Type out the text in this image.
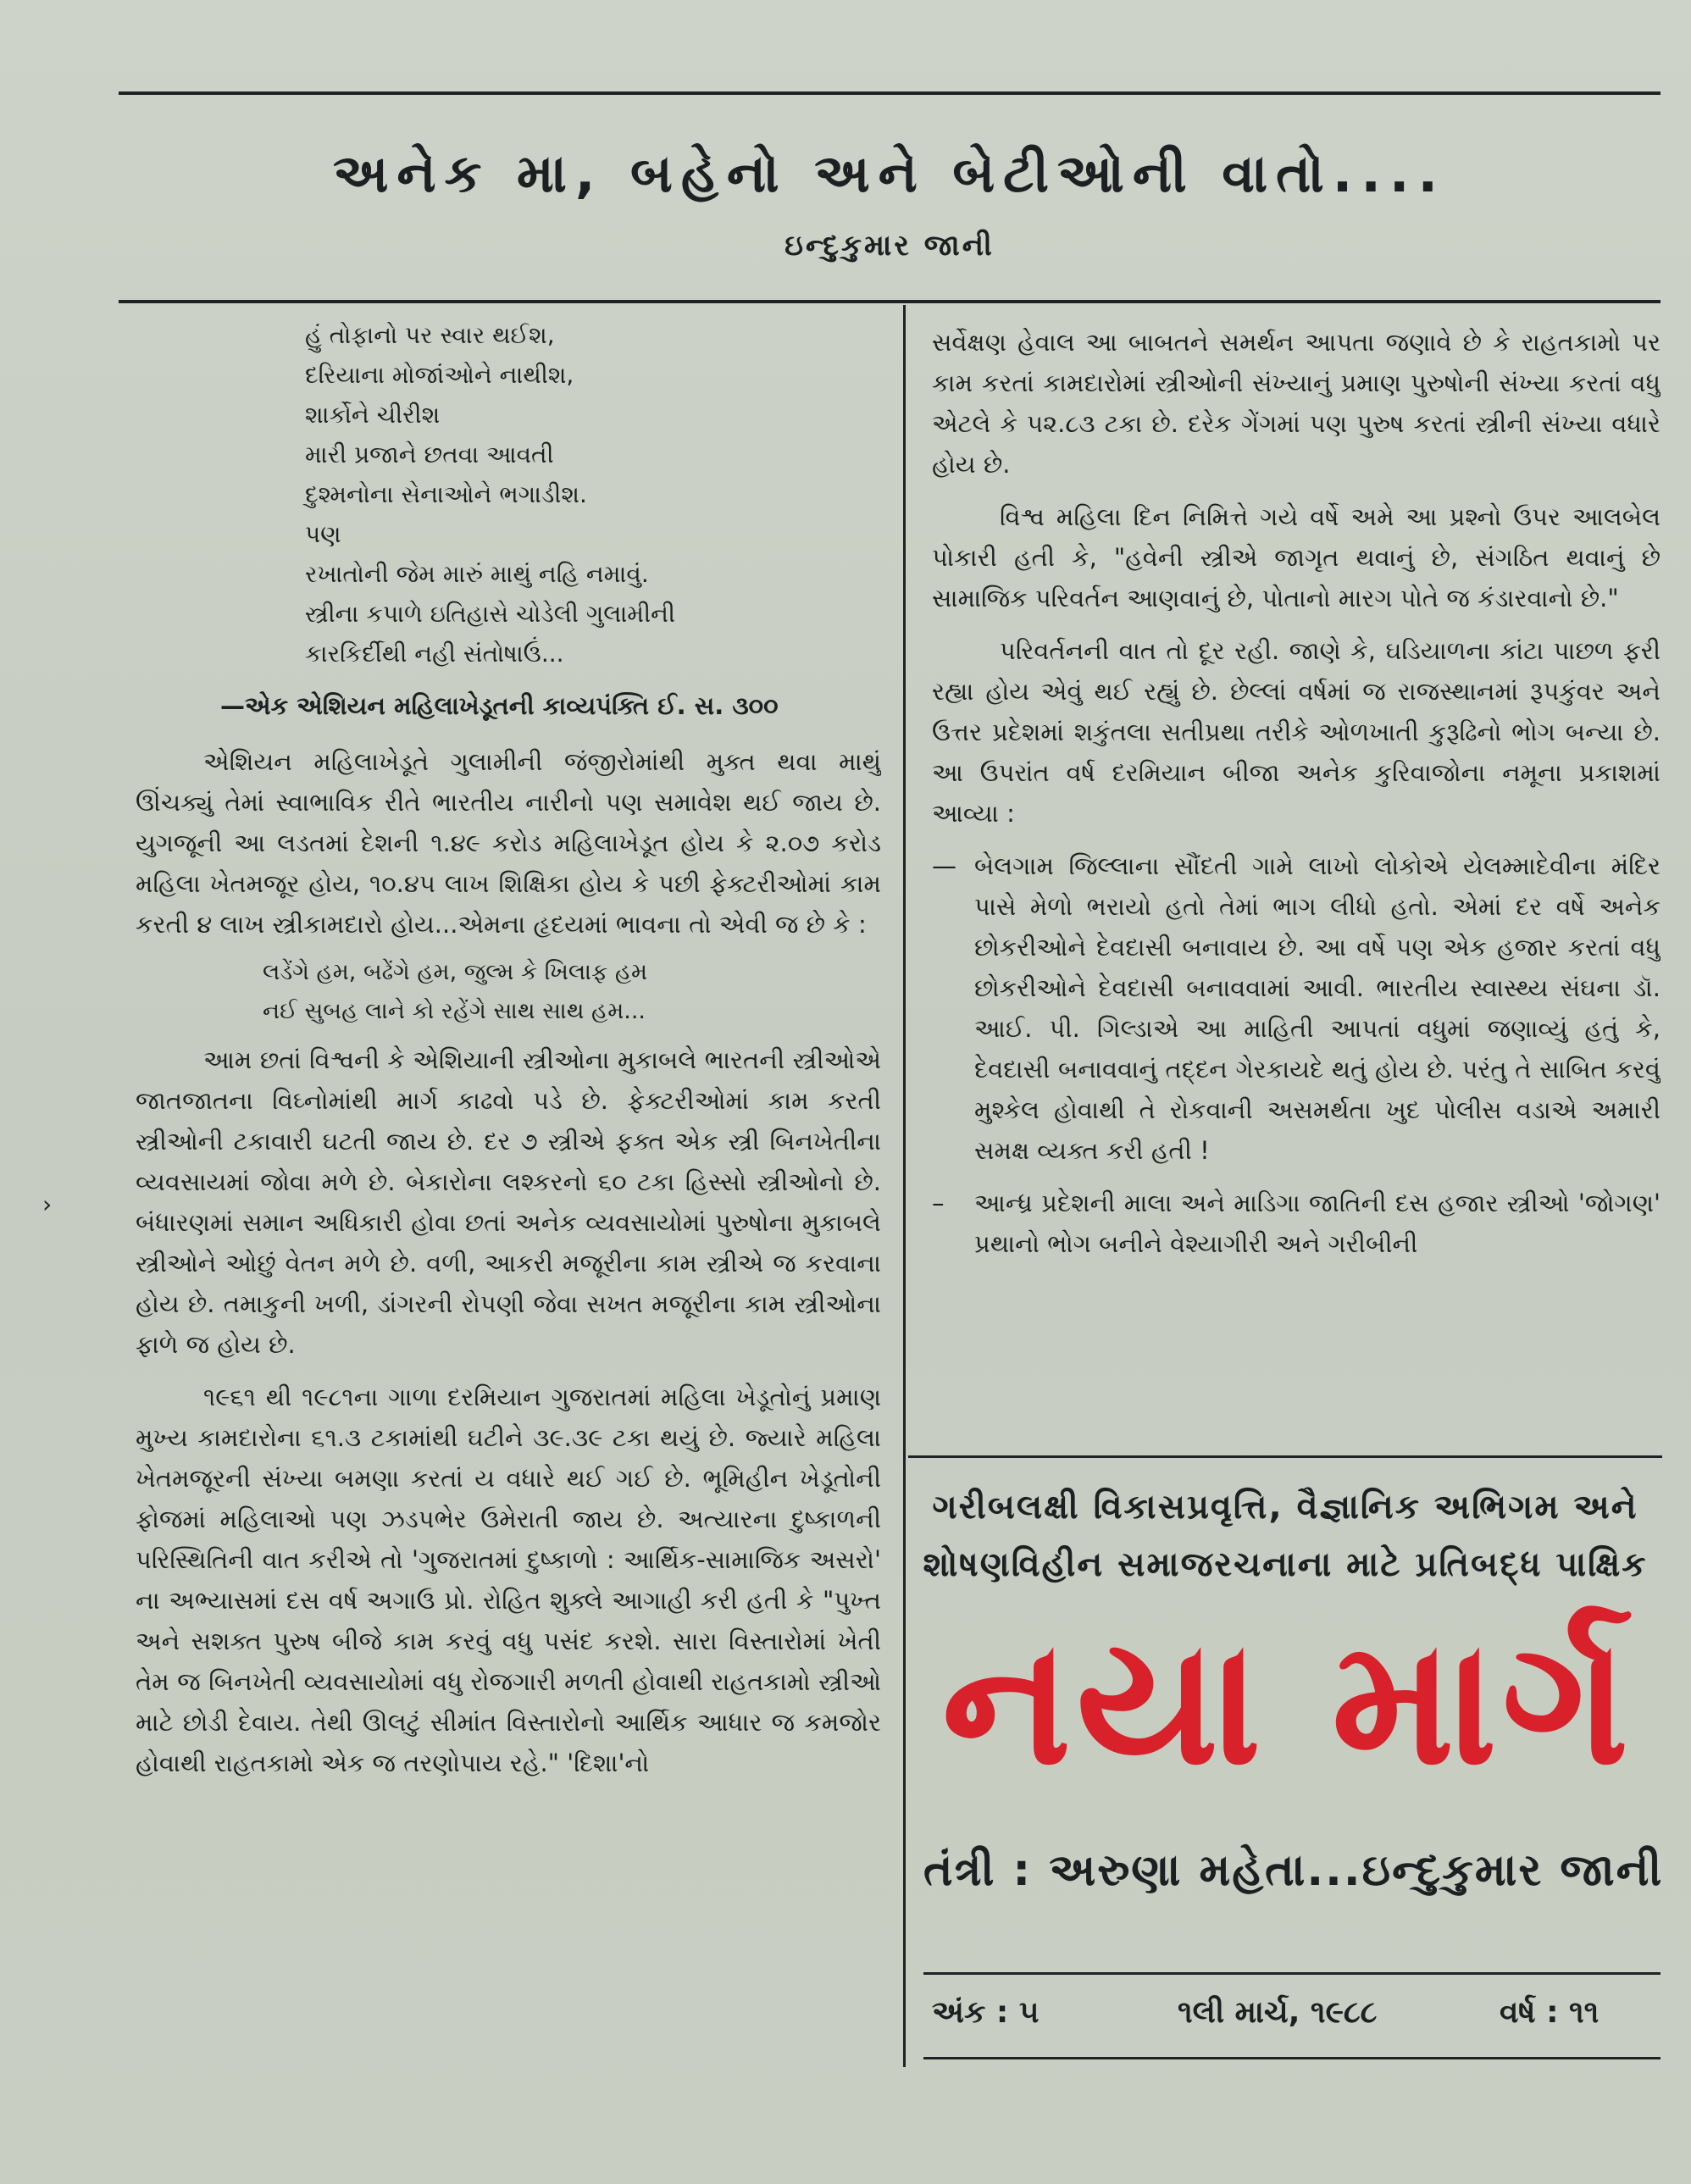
અનેક મા, બહેનો અને બેટીઓની વાતો....
ઇન્દુકુમાર જાની
હું તોફાનો પર સ્વાર થઈશ,
દરિયાના મોજાંઓને નાથીશ,
શાર્કોને ચીરીશ
મારી પ્રજાને છતવા આવતી
દુશ્મનોના સેનાઓને ભગાડીશ.
પણ
રખાતોની જેમ મારું માથું નહિ નમાવું.
સ્ત્રીના કપાળે ઇતિહાસે ચોડેલી ગુલામીની
કારકિર્દીથી નહી સંતોષાઉં...
—એક એશિયન મહિલાખેડૂતની કાવ્યપંક્તિ ઈ. સ. ૩૦૦

એશિયન મહિલાખેડૂતે ગુલામીની જંજીરોમાંથી મુક્ત થવા માથું ઊંચક્યું તેમાં સ્વાભાવિક રીતે ભારતીય નારીનો પણ સમાવેશ થઈ જાય છે. યુગજૂની આ લડતમાં દેશની ૧.૪૯ કરોડ મહિલાખેડૂત હોય કે ૨.૦૭ કરોડ મહિલા ખેતમજૂર હોય, ૧૦.૪૫ લાખ શિક્ષિકા હોય કે પછી ફેક્ટરીઓમાં કામ કરતી ૪ લાખ સ્ત્રીકામદારો હોય...એમના હૃદયમાં ભાવના તો એવી જ છે કે :

લડેંગે હમ, બઢેંગે હમ, જુલ્મ કે ખિલાફ હમ
નઈ સુબહ લાને કો રહેંગે સાથ સાથ હમ...

આમ છતાં વિશ્વની કે એશિયાની સ્ત્રીઓના મુકાબલે ભારતની સ્ત્રીઓએ જાતજાતના વિઘ્નોમાંથી માર્ગ કાઢવો પડે છે. ફેક્ટરીઓમાં કામ કરતી સ્ત્રીઓની ટકાવારી ઘટતી જાય છે. દર ૭ સ્ત્રીએ ફક્ત એક સ્ત્રી બિનખેતીના વ્યવસાયમાં જોવા મળે છે. બેકારોના લશ્કરનો ૬૦ ટકા હિસ્સો સ્ત્રીઓનો છે. બંધારણમાં સમાન અધિકારી હોવા છતાં અનેક વ્યવસાયોમાં પુરુષોના મુકાબલે સ્ત્રીઓને ઓછું વેતન મળે છે. વળી, આકરી મજૂરીના કામ સ્ત્રીએ જ કરવાના હોય છે. તમાકુની ખળી, ડાંગરની રોપણી જેવા સખત મજૂરીના કામ સ્ત્રીઓના ફાળે જ હોય છે.

૧૯૬૧ થી ૧૯૮૧ના ગાળા દરમિયાન ગુજરાતમાં મહિલા ખેડૂતોનું પ્રમાણ મુખ્ય કામદારોના ૬૧.૩ ટકામાંથી ઘટીને ૩૯.૩૯ ટકા થયું છે. જ્યારે મહિલા ખેતમજૂરની સંખ્યા બમણા કરતાં ય વધારે થઈ ગઈ છે. ભૂમિહીન ખેડૂતોની ફોજમાં મહિલાઓ પણ ઝડપભેર ઉમેરાતી જાય છે. અત્યારના દુષ્કાળની પરિસ્થિતિની વાત કરીએ તો 'ગુજરાતમાં દુષ્કાળો : આર્થિક-સામાજિક અસરો' ના અભ્યાસમાં દસ વર્ષ અગાઉ પ્રો. રોહિત શુક્લે આગાહી કરી હતી કે "પુખ્ત અને સશક્ત પુરુષ બીજે કામ કરવું વધુ પસંદ કરશે. સારા વિસ્તારોમાં ખેતી તેમ જ બિનખેતી વ્યવસાયોમાં વધુ રોજગારી મળતી હોવાથી રાહતકામો સ્ત્રીઓ માટે છોડી દેવાય. તેથી ઊલટું સીમાંત વિસ્તારોનો આર્થિક આધાર જ કમજોર હોવાથી રાહતકામો એક જ તરણોપાય રહે." 'દિશા'નો

સર્વેક્ષણ હેવાલ આ બાબતને સમર્થન આપતા જણાવે છે કે રાહતકામો પર કામ કરતાં કામદારોમાં સ્ત્રીઓની સંખ્યાનું પ્રમાણ પુરુષોની સંખ્યા કરતાં વધુ એટલે કે ૫૨.૮૩ ટકા છે. દરેક ગેંગમાં પણ પુરુષ કરતાં સ્ત્રીની સંખ્યા વધારે હોય છે.

વિશ્વ મહિલા દિન નિમિત્તે ગયે વર્ષે અમે આ પ્રશ્નો ઉપર આલબેલ પોકારી હતી કે, "હવેની સ્ત્રીએ જાગૃત થવાનું છે, સંગઠિત થવાનું છે સામાજિક પરિવર્તન આણવાનું છે, પોતાનો મારગ પોતે જ કંડારવાનો છે."

પરિવર્તનની વાત તો દૂર રહી. જાણે કે, ઘડિયાળના કાંટા પાછળ ફરી રહ્યા હોય એવું થઈ રહ્યું છે. છેલ્લાં વર્ષમાં જ રાજસ્થાનમાં રૂપકુંવર અને ઉત્તર પ્રદેશમાં શકુંતલા સતીપ્રથા તરીકે ઓળખાતી કુરૂઢિનો ભોગ બન્યા છે. આ ઉપરાંત વર્ષ દરમિયાન બીજા અનેક કુરિવાજોના નમૂના પ્રકાશમાં આવ્યા :

— બેલગામ જિલ્લાના સૌંદતી ગામે લાખો લોકોએ યેલમ્માદેવીના મંદિર પાસે મેળો ભરાયો હતો તેમાં ભાગ લીધો હતો. એમાં દર વર્ષે અનેક છોકરીઓને દેવદાસી બનાવાય છે. આ વર્ષે પણ એક હજાર કરતાં વધુ છોકરીઓને દેવદાસી બનાવવામાં આવી. ભારતીય સ્વાસ્થ્ય સંઘના ડૉ. આઈ. પી. ગિલ્ડાએ આ માહિતી આપતાં વધુમાં જણાવ્યું હતું કે, દેવદાસી બનાવવાનું તદ્દન ગેરકાયદે થતું હોય છે. પરંતુ તે સાબિત કરવું મુશ્કેલ હોવાથી તે રોકવાની અસમર્થતા ખુદ પોલીસ વડાએ અમારી સમક્ષ વ્યક્ત કરી હતી !

– આન્ધ્ર પ્રદેશની માલા અને માડિગા જાતિની દસ હજાર સ્ત્રીઓ 'જોગણ' પ્રથાનો ભોગ બનીને વેશ્યાગીરી અને ગરીબીની

ગરીબલક્ષી વિકાસપ્રવૃત્તિ, વૈજ્ઞાનિક અભિગમ અને
શોષણવિહીન સમાજરચનાના માટે પ્રતિબદ્ધ પાક્ષિક
નયા માર્ગ
તંત્રી : અરુણા મહેતા...ઇન્દુકુમાર જાની
અંક : ૫	૧લી માર્ચ, ૧૯૮૮	વર્ષ : ૧૧
›
